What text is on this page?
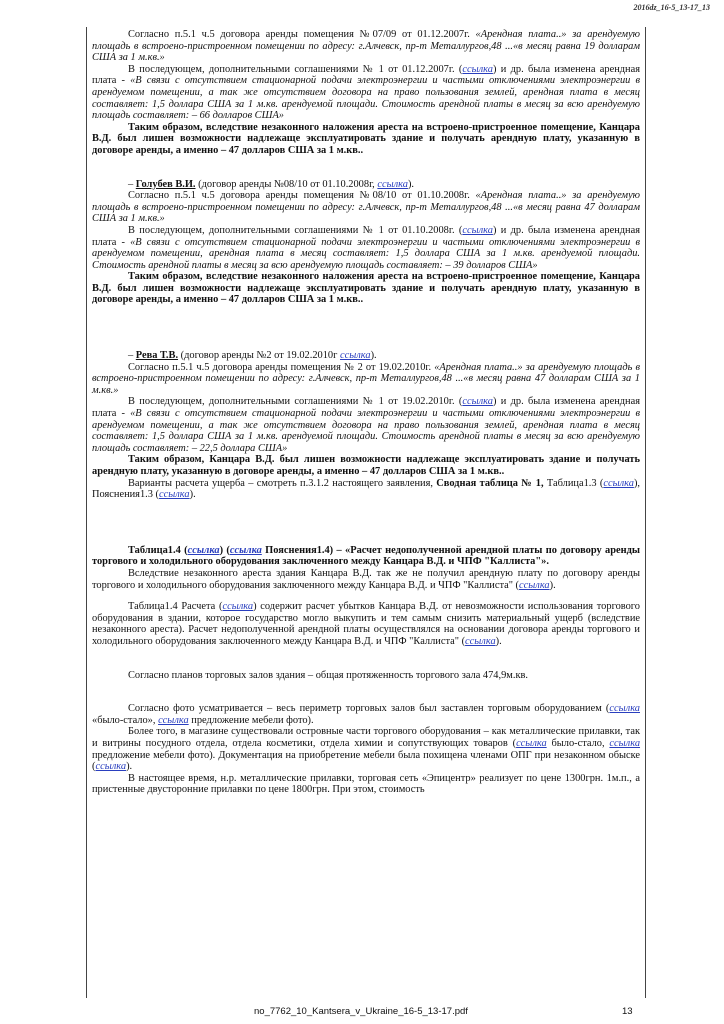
2016dz_16-5_13-17_13

Согласно п.5.1 ч.5 договора аренды помещения №07/09 от 01.12.2007г. «Арендная плата..» за арендуемую площадь в встроено-пристроенном помещении по адресу: г.Алчевск, пр-т Металлургов,48 ...«в месяц равна 19 долларам США за 1 м.кв.»

В последующем, дополнительными соглашениями № 1 от 01.12.2007г. (ссылка) и др. была изменена арендная плата - «В связи с отсутствием стационарной подачи электроэнергии и частыми отключениями электроэнергии в арендуемом помещении, а так же отсутствием договора на право пользования землей, арендная плата в месяц составляет: 1,5 доллара США за 1 м.кв. арендуемой площади. Стоимость арендной платы в месяц за всю арендуемую площадь составляет: – 66 долларов США»

Таким образом, вследствие незаконного наложения ареста на встроено-пристроенное помещение, Канцара В.Д. был лишен возможности надлежаще эксплуатировать здание и получать арендную плату, указанную в договоре аренды, а именно – 47 долларов США за 1 м.кв..

– Голубев В.И. (договор аренды №08/10 от 01.10.2008г, ссылка).

Согласно п.5.1 ч.5 договора аренды помещения №08/10 от 01.10.2008г. «Арендная плата..» за арендуемую площадь в встроено-пристроенном помещении по адресу: г.Алчевск, пр-т Металлургов,48 ...«в месяц равна 47 долларам США за 1 м.кв.»

В последующем, дополнительными соглашениями № 1 от 01.10.2008г. (ссылка) и др. была изменена арендная плата - «В связи с отсутствием стационарной подачи электроэнергии и частыми отключениями электроэнергии в арендуемом помещении, арендная плата в месяц составляет: 1,5 доллара США за 1 м.кв. арендуемой площади. Стоимость арендной платы в месяц за всю арендуемую площадь составляет: – 39 долларов США»

Таким образом, вследствие незаконного наложения ареста на встроено-пристроенное помещение, Канцара В.Д. был лишен возможности надлежаще эксплуатировать здание и получать арендную плату, указанную в договоре аренды, а именно – 47 долларов США за 1 м.кв..

– Рева Т.В. (договор аренды №2 от 19.02.2010г ссылка).

Согласно п.5.1 ч.5 договора аренды помещения № 2 от 19.02.2010г. «Арендная плата..» за арендуемую площадь в встроено-пристроенном помещении по адресу: г.Алчевск, пр-т Металлургов,48 ...«в месяц равна 47 долларам США за 1 м.кв.»

В последующем, дополнительными соглашениями № 1 от 19.02.2010г. (ссылка) и др. была изменена арендная плата - «В связи с отсутствием стационарной подачи электроэнергии и частыми отключениями электроэнергии в арендуемом помещении, а так же отсутствием договора на право пользования землей, арендная плата в месяц составляет: 1,5 доллара США за 1 м.кв. арендуемой площади. Стоимость арендной платы в месяц за всю арендуемую площадь составляет: – 22,5 доллара США»

Таким образом, Канцара В.Д. был лишен возможности надлежаще эксплуатировать здание и получать арендную плату, указанную в договоре аренды, а именно – 47 долларов США за 1 м.кв..

Варианты расчета ущерба – смотреть п.3.1.2 настоящего заявления, Сводная таблица № 1, Таблица1.3 (ссылка), Пояснения1.3 (ссылка).

Таблица1.4 (ссылка) (ссылка Пояснения1.4) – «Расчет недополученной арендной платы по договору аренды торгового и холодильного оборудования заключенного между Канцара В.Д. и ЧПФ "Каллиста"».

Вследствие незаконного ареста здания Канцара В.Д. так же не получил арендную плату по договору аренды торгового и холодильного оборудования заключенного между Канцара В.Д. и ЧПФ "Каллиста" (ссылка).

Таблица1.4 Расчета (ссылка) содержит расчет убытков Канцара В.Д. от невозможности использования торгового оборудования в здании, которое государство могло выкупить и тем самым снизить материальный ущерб (вследствие незаконного ареста). Расчет недополученной арендной платы осуществлялся на основании договора аренды торгового и холодильного оборудования заключенного между Канцара В.Д. и ЧПФ "Каллиста" (ссылка).

Согласно планов торговых залов здания – общая протяженность торгового зала 474,9м.кв.

Согласно фото усматривается – весь периметр торговых залов был заставлен торговым оборудованием (ссылка «было-стало», ссылка предложение мебели фото).

Более того, в магазине существовали островные части торгового оборудования – как металлические прилавки, так и витрины посудного отдела, отдела косметики, отдела химии и сопутствующих товаров (ссылка было-стало, ссылка предложение мебели фото). Документация на приобретение мебели была похищена членами ОПГ при незаконном обыске (ссылка).

В настоящее время, н.р. металлические прилавки, торговая сеть «Эпицентр» реализует по цене 1300грн. 1м.п., а пристенные двусторонние прилавки по цене 1800грн. При этом, стоимость

no_7762_10_Kantsera_v_Ukraine_16-5_13-17.pdf	13
